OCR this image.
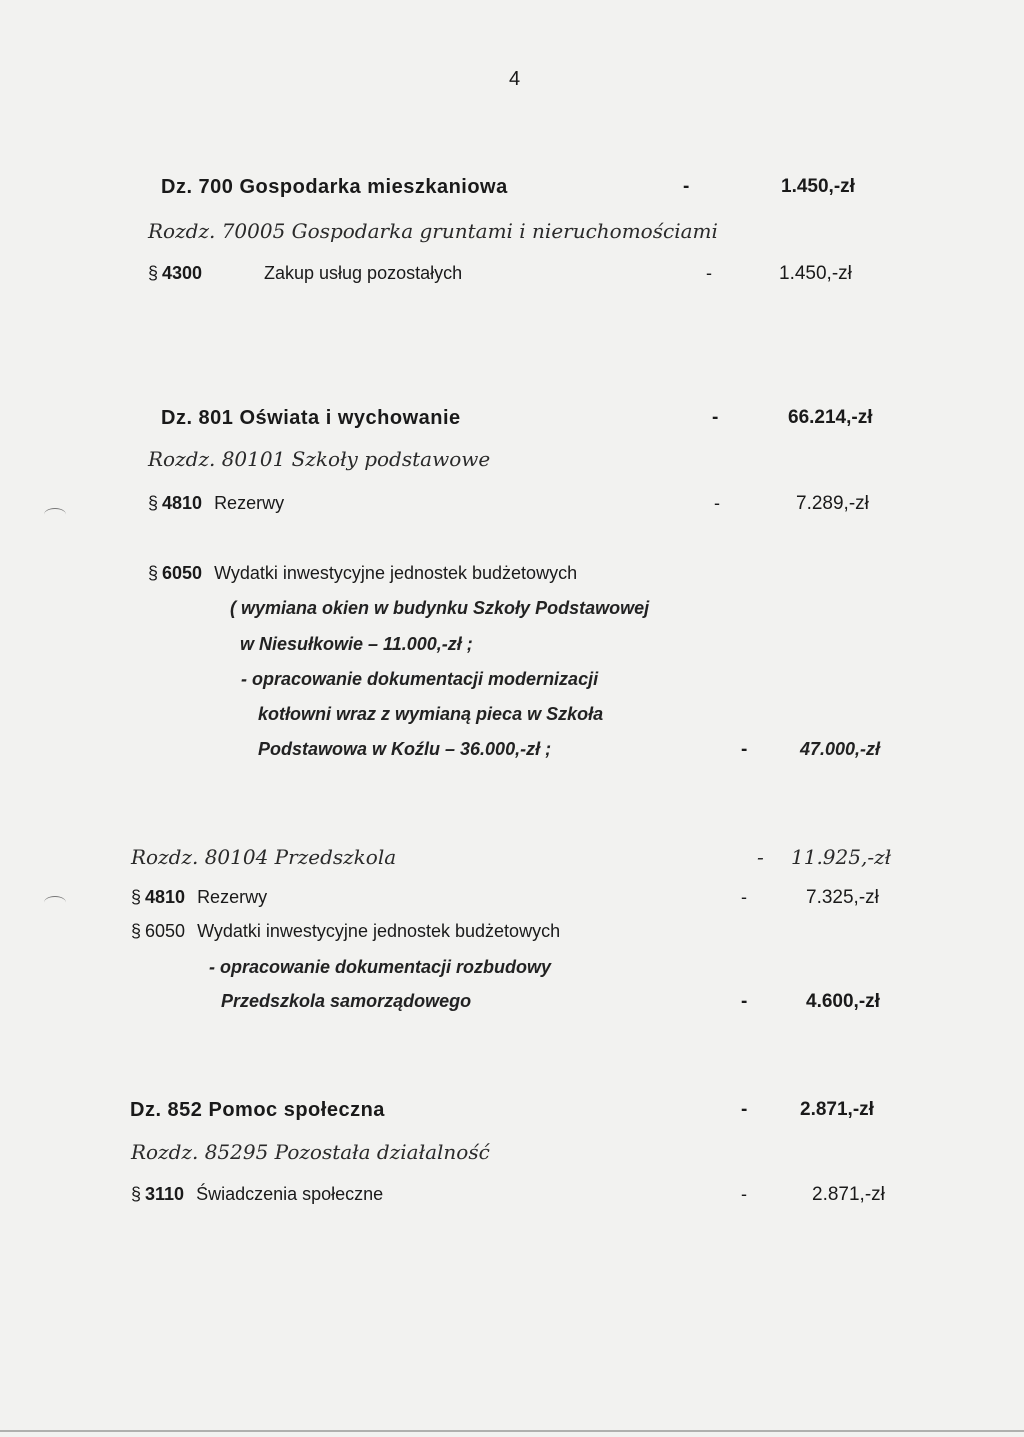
4
Dz. 700 Gospodarka mieszkaniowa	-	1.450,-zł
Rozdz. 70005 Gospodarka gruntami i nieruchomościami
§ 4300	Zakup usług pozostałych	-	1.450,-zł
Dz. 801 Oświata i wychowanie	-	66.214,-zł
Rozdz. 80101 Szkoły podstawowe
§ 4810 Rezerwy	-	7.289,-zł
§ 6050 Wydatki inwestycyjne jednostek budżetowych
( wymiana okien w budynku Szkoły Podstawowej
w Niesułkowie – 11.000,-zł ;
- opracowanie dokumentacji modernizacji
kotłowni wraz z wymianą pieca w Szkoła
Podstawowa w Koźlu – 36.000,-zł ;	-	47.000,-zł
Rozdz. 80104 Przedszkola	- 11.925,-zł
§ 4810 Rezerwy	-	7.325,-zł
§ 6050 Wydatki inwestycyjne jednostek budżetowych
- opracowanie dokumentacji rozbudowy
Przedszkola samorządowego	-	4.600,-zł
Dz. 852 Pomoc społeczna	-	2.871,-zł
Rozdz. 85295 Pozostała działalność
§ 3110 Świadczenia społeczne	-	2.871,-zł
